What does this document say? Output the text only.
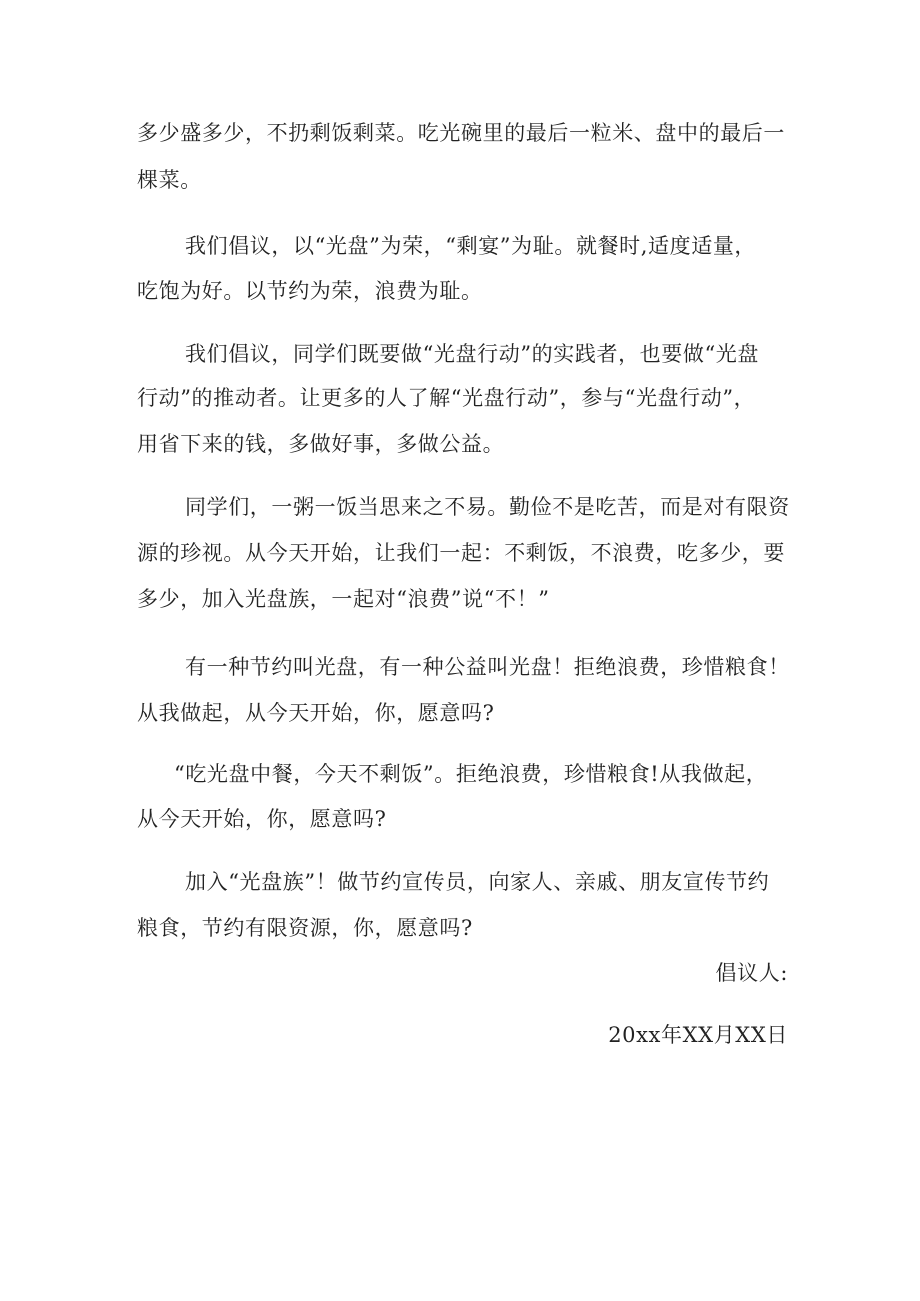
多少盛多少，不扔剩饭剩菜。吃光碗里的最后一粒米、盘中的最后一
棵菜。
我们倡议，以“光盘”为荣，“剩宴”为耻。就餐时,适度适量，
吃饱为好。以节约为荣，浪费为耻。
我们倡议，同学们既要做“光盘行动”的实践者，也要做“光盘
行动”的推动者。让更多的人了解“光盘行动”，参与“光盘行动”，
用省下来的钱，多做好事，多做公益。
同学们，一粥一饭当思来之不易。勤俭不是吃苦，而是对有限资
源的珍视。从今天开始，让我们一起：不剩饭，不浪费，吃多少，要
多少，加入光盘族，一起对“浪费”说“不！”
有一种节约叫光盘，有一种公益叫光盘！拒绝浪费，珍惜粮食！
从我做起，从今天开始，你，愿意吗?
“吃光盘中餐，今天不剩饭”。拒绝浪费，珍惜粮食!从我做起，
从今天开始，你，愿意吗?
加入“光盘族”！做节约宣传员，向家人、亲戚、朋友宣传节约
粮食，节约有限资源，你，愿意吗?
倡议人:
20xx年XX月XX日
